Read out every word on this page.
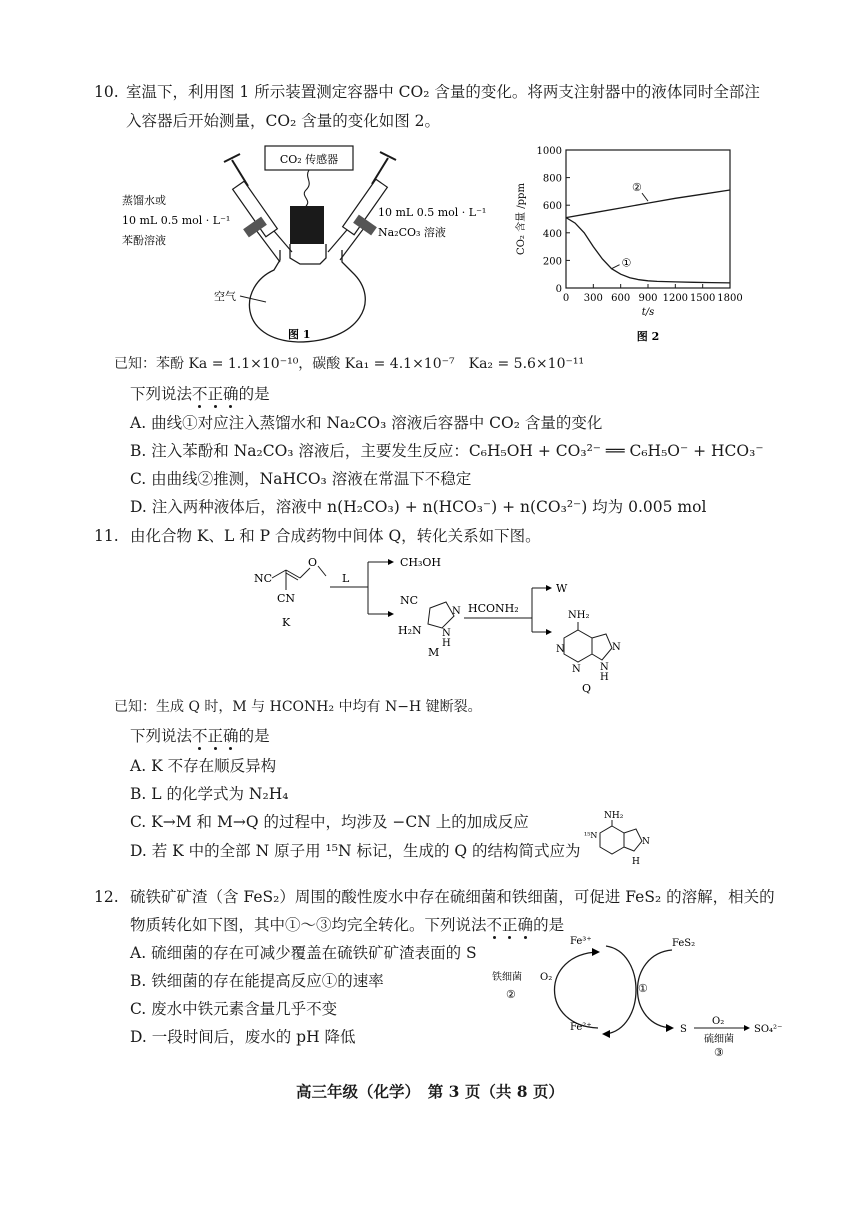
10. 室温下，利用图 1 所示装置测定容器中 CO₂ 含量的变化。将两支注射器中的液体同时全部注
入容器后开始测量，CO₂ 含量的变化如图 2。
CO₂ 传感器
蒸馏水或
10 mL 0.5 mol · L⁻¹
苯酚溶液
10 mL 0.5 mol · L⁻¹
Na₂CO₃ 溶液
空气
图 1
0
200
400
600
800
1000
0 300 600 900 1200 1500 1800
t/s
CO₂ 含量 /ppm
图 2
②
①
已知：苯酚 Ka = 1.1×10⁻¹⁰，碳酸 Ka₁ = 4.1×10⁻⁷　Ka₂ = 5.6×10⁻¹¹
下列说法不正确的是
A. 曲线①对应注入蒸馏水和 Na₂CO₃ 溶液后容器中 CO₂ 含量的变化
B. 注入苯酚和 Na₂CO₃ 溶液后，主要发生反应：C₆H₅OH + CO₃²⁻ ══ C₆H₅O⁻ + HCO₃⁻
C. 由曲线②推测，NaHCO₃ 溶液在常温下不稳定
D. 注入两种液体后，溶液中 n(H₂CO₃) + n(HCO₃⁻) + n(CO₃²⁻) 均为 0.005 mol
11. 由化合物 K、L 和 P 合成药物中间体 Q，转化关系如下图。
NC
CN
O
K
L
CH₃OH
NC
N
N
H
H₂N
M
HCONH₂
W
NH₂
N
N
N
N
H
Q
已知：生成 Q 时，M 与 HCONH₂ 中均有 N−H 键断裂。
下列说法不正确的是
A. K 不存在顺反异构
B. L 的化学式为 N₂H₄
C. K→M 和 M→Q 的过程中，均涉及 −CN 上的加成反应
D. 若 K 中的全部 N 原子用 ¹⁵N 标记，生成的 Q 的结构简式应为
NH₂
¹⁵N
N
H
12. 硫铁矿矿渣（含 FeS₂）周围的酸性废水中存在硫细菌和铁细菌，可促进 FeS₂ 的溶解，相关的
物质转化如下图，其中①～③均完全转化。下列说法不正确的是
A. 硫细菌的存在可减少覆盖在硫铁矿矿渣表面的 S
B. 铁细菌的存在能提高反应①的速率
C. 废水中铁元素含量几乎不变
D. 一段时间后，废水的 pH 降低
Fe³⁺	FeS₂
Fe²⁺	S	SO₄²⁻
铁细菌 O₂
②	①
O₂
硫细菌
③
高三年级（化学）　第 3 页（共 8 页）
